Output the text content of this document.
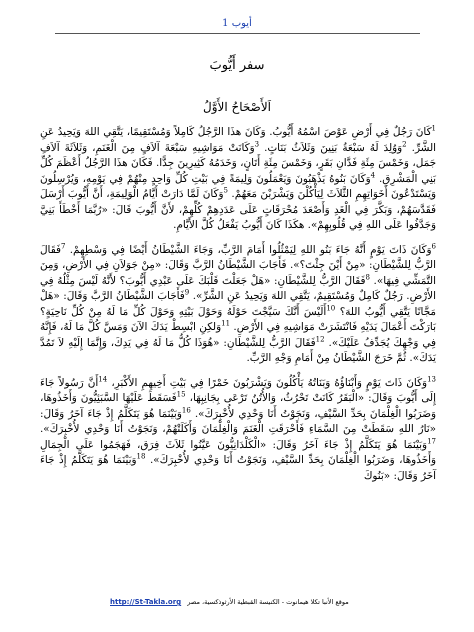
أيوب 1
سفر أَيُّوبَ
اَلأَصْحَاحُ الأَوَّلُ

$^1$كَانَ رَجُلٌ فِي أَرْضِ عَوْصَ اسْمُهُ أَيُّوبُ. وَكَانَ هذَا الرَّجُلُ كَامِلاً وَمُسْتَقِيمًا، يَتَّقِي اللهَ وَيَحِيدُ عَنِ الشَّرِّ. $^2$وَوُلِدَ لَهُ سَبْعَةُ بَنِينَ وَثَلاَثُ بَنَاتٍ. $^3$وَكَانَتْ مَوَاشِيهِ سَبْعَةَ آلاَفٍ مِنَ الْغَنَمِ، وَثَلاَثَةَ آلاَفِ جَمَل، وَخَمْسَ مِئَةِ فَدَّانِ بَقَرٍ، وَخَمْسَ مِئَةِ أَتَانٍ، وَخَدَمُهُ كَثِيرِينَ جِدًّا. فَكَانَ هذَا الرَّجُلُ أَعْظَمَ كُلِّ بَنِي الْمَشْرِقِ. $^4$وَكَانَ بَنُوهُ يَذْهَبُونَ وَيَعْمَلُونَ وَلِيمَةً فِي بَيْتِ كُلِّ وَاحِدٍ مِنْهُمْ فِي يَوْمِهِ، وَيُرْسِلُونَ وَيَسْتَدْعُونَ أَخَوَاتِهِمِ الثَّلاَثَ لِيَأْكُلْنَ وَيَشْرَبْنَ مَعَهُمْ. $^5$وَكَانَ لَمَّا دَارَتْ أَيَّامُ الْوَلِيمَةِ، أَنَّ أَيُّوبَ أَرْسَلَ فَقَدَّسَهُمْ، وَبَكَّرَ فِي الْغَدِ وَأَصْعَدَ مُحْرَقَاتٍ عَلَى عَدَدِهِمْ كُلِّهِمْ، لأَنَّ أَيُّوبَ قَالَ: «رُبَّمَا أَخْطَأَ بَنِيَّ وَجَدَّفُوا عَلَى اللهِ فِي قُلُوبِهِمْ». هكَذَا كَانَ أَيُّوبُ يَفْعَلُ كُلَّ الأَيَّامِ.

$^6$وَكَانَ ذَاتَ يَوْمٍ أَنَّهُ جَاءَ بَنُو اللهِ لِيَمْثُلُوا أَمَامَ الرَّبِّ، وَجَاءَ الشَّيْطَانُ أَيْضًا فِي وَسْطِهِمْ. $^7$فَقَالَ الرَّبُّ لِلشَّيْطَانِ: «مِنْ أَيْنَ جِئْتَ؟». فَأَجَابَ الشَّيْطَانُ الرَّبَّ وَقَالَ: «مِنْ جَوَلاَنِ فِي الأَرْضِ، وَمِنَ التَّمَشِّي فِيهَا». $^8$فَقَالَ الرَّبُّ لِلشَّيْطَانِ: «هَلْ جَعَلْتَ قَلْبَكَ عَلَى عَبْدِي أَيُّوبَ؟ لأَنَّهُ لَيْسَ مِثْلُهُ فِي الأَرْضِ. رَجُلٌ كَامِلٌ وَمُسْتَقِيمٌ، يَتَّقِي اللهَ وَيَحِيدُ عَنِ الشَّرِّ». $^9$فَأَجَابَ الشَّيْطَانُ الرَّبَّ وَقَالَ: «هَلْ مَجَّانًا يَتَّقِي أَيُّوبُ اللهَ؟ $^{10}$أَلَيْسَ أَنَّكَ سَيَّجْتَ حَوْلَهُ وَحَوْلَ بَيْتِهِ وَحَوْلَ كُلِّ مَا لَهُ مِنْ كُلِّ نَاحِيَةٍ؟ بَارَكْتَ أَعْمَالَ يَدَيْهِ فَانْتَشَرَتْ مَوَاشِيهِ فِي الأَرْضِ. $^{11}$وَلكِنِ ابْسِطْ يَدَكَ الآنَ وَمَسَّ كُلَّ مَا لَهُ، فَإِنَّهُ فِي وَجْهِكَ يُجَدِّفُ عَلَيْكَ». $^{12}$فَقَالَ الرَّبُّ لِلشَّيْطَانِ: «هُوَذَا كُلُّ مَا لَهُ فِي يَدِكَ، وَإِنَّمَا إِلَيْهِ لاَ تَمُدَّ يَدَكَ». ثُمَّ خَرَجَ الشَّيْطَانُ مِنْ أَمَامِ وَجْهِ الرَّبِّ.

$^{13}$وَكَانَ ذَاتَ يَوْمٍ وَأَبْنَاؤُهُ وَبَنَاتُهُ يَأْكُلُونَ وَيَشْرَبُونَ خَمْرًا فِي بَيْتِ أَخِيهِمِ الأَكْبَرِ، $^{14}$أَنَّ رَسُولاً جَاءَ إِلَى أَيُّوبَ وَقَالَ: «الْبَقَرُ كَانَتْ تَحْرُثُ، وَالأُتُنُ تَرْعَى بِجَانِبِهَا، $^{15}$فَسَقَطَ عَلَيْهَا السَّبَئِيُّونَ وَأَخَذُوهَا، وَضَرَبُوا الْغِلْمَانَ بِحَدِّ السَّيْفِ، وَنَجَوْتُ أَنَا وَحْدِي لأُخْبِرَكَ». $^{16}$وَبَيْنَمَا هُوَ يَتَكَلَّمُ إِذْ جَاءَ آخَرُ وَقَالَ: «نَارُ اللهِ سَقَطَتْ مِنَ السَّمَاءِ فَأَحْرَقَتِ الْغَنَمَ وَالْغِلْمَانَ وَأَكَلَتْهُمْ، وَنَجَوْتُ أَنَا وَحْدِي لأُخْبِرَكَ». $^{17}$وَبَيْنَمَا هُوَ يَتَكَلَّمُ إِذْ جَاءَ آخَرُ وَقَالَ: «الْكَلْدَانِيُّونَ عَيَّنُوا ثَلاَثَ فِرَق، فَهَجَمُوا عَلَى الْجِمَالِ وَأَخَذُوهَا، وَضَرَبُوا الْغِلْمَانَ بِحَدِّ السَّيْفِ، وَنَجَوْتُ أَنَا وَحْدِي لأُخْبِرَكَ». $^{18}$وَبَيْنَمَا هُوَ يَتَكَلَّمُ إِذْ جَاءَ آخَرُ وَقَالَ: «بَنُوكَ

http://St-Takla.org موقع الأنبا تكلا هيمانوت - الكنيسة القبطية الأرثوذكسية، مصر
